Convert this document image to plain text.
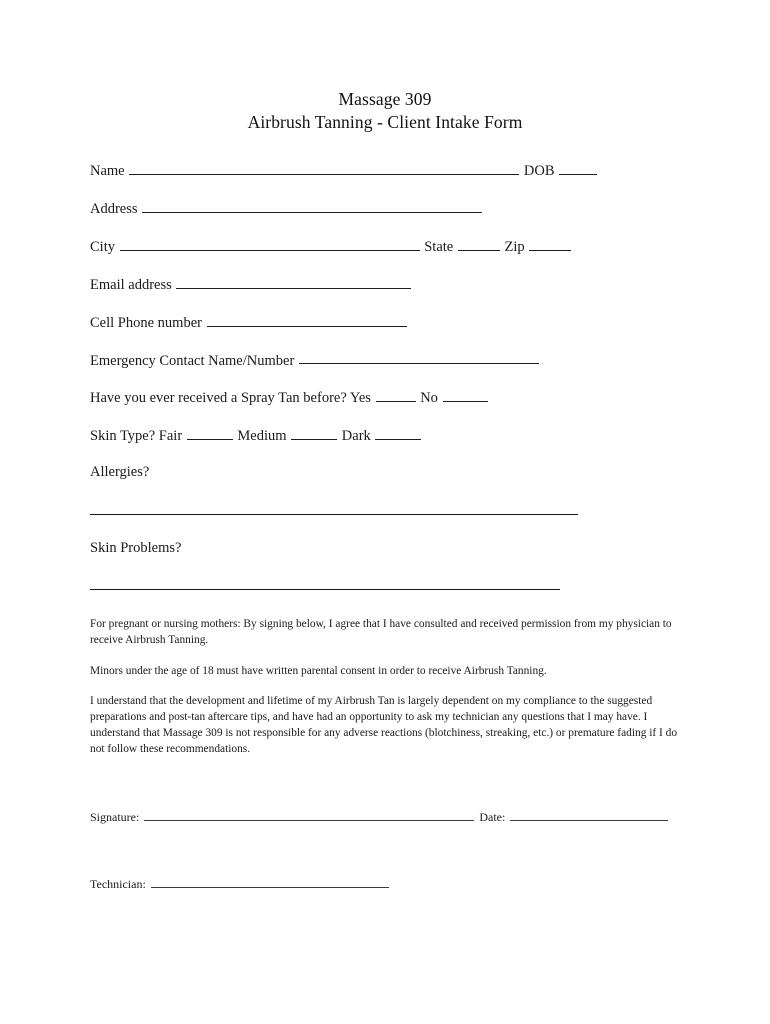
Massage 309
Airbrush Tanning - Client Intake Form
Name	DOB
Address
City	State	Zip
Email address
Cell Phone number
Emergency Contact Name/Number
Have you ever received a Spray Tan before? Yes	No
Skin Type? Fair	Medium	Dark
Allergies?
Skin Problems?

For pregnant or nursing mothers: By signing below, I agree that I have consulted and received permission from my physician to receive Airbrush Tanning.

Minors under the age of 18 must have written parental consent in order to receive Airbrush Tanning.

I understand that the development and lifetime of my Airbrush Tan is largely dependent on my compliance to the suggested preparations and post-tan aftercare tips, and have had an opportunity to ask my technician any questions that I may have. I understand that Massage 309 is not responsible for any adverse reactions (blotchiness, streaking, etc.) or premature fading if I do not follow these recommendations.

Signature:	Date:
Technician:
